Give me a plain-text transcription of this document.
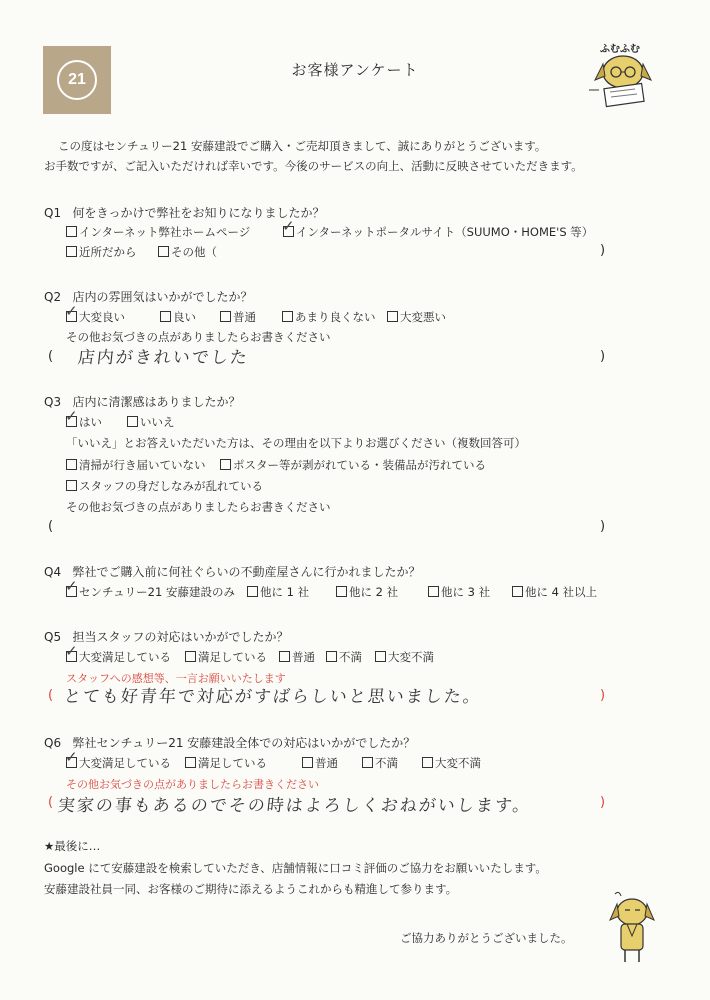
21
お客様アンケート
ふむふむ
この度はセンチュリー21 安藤建設でご購入・ご売却頂きまして、誠にありがとうございます。
お手数ですが、ご記入いただければ幸いです。今後のサービスの向上、活動に反映させていただきます。
Q1 何をきっかけで弊社をお知りになりましたか？
インターネット弊社ホームページ ✓ インターネットポータルサイト（SUUMO・HOME'S 等）
近所だから	その他（	)
Q2 店内の雰囲気はいかがでしたか？
✓ 大変良い	良い	普通	あまり良くない	大変悪い
その他お気づきの点がありましたらお書きください
( 店内がきれいでした	)
Q3 店内に清潔感はありましたか？
✓ はい	いいえ
「いいえ」とお答えいただいた方は、その理由を以下よりお選びください（複数回答可）
清掃が行き届いていない	ポスター等が剥がれている・装備品が汚れている
スタッフの身だしなみが乱れている
その他お気づきの点がありましたらお書きください
(	)
Q4 弊社でご購入前に何社ぐらいの不動産屋さんに行かれましたか？
✓ センチュリー21 安藤建設のみ	他に 1 社	他に 2 社	他に 3 社	他に 4 社以上
Q5 担当スタッフの対応はいかがでしたか？
✓ 大変満足している	満足している	普通	不満	大変不満
スタッフへの感想等、一言お願いいたします
( とても好青年で対応がすばらしいと思いました。	)
Q6 弊社センチュリー21 安藤建設全体での対応はいかがでしたか？
✓ 大変満足している	満足している	普通	不満	大変不満
その他お気づきの点がありましたらお書きください
( 実家の事もあるのでその時はよろしくおねがいします。	)
★最後に…
Google にて安藤建設を検索していただき、店舗情報に口コミ評価のご協力をお願いいたします。
安藤建設社員一同、お客様のご期待に添えるようこれからも精進して参ります。
ご協力ありがとうございました。
